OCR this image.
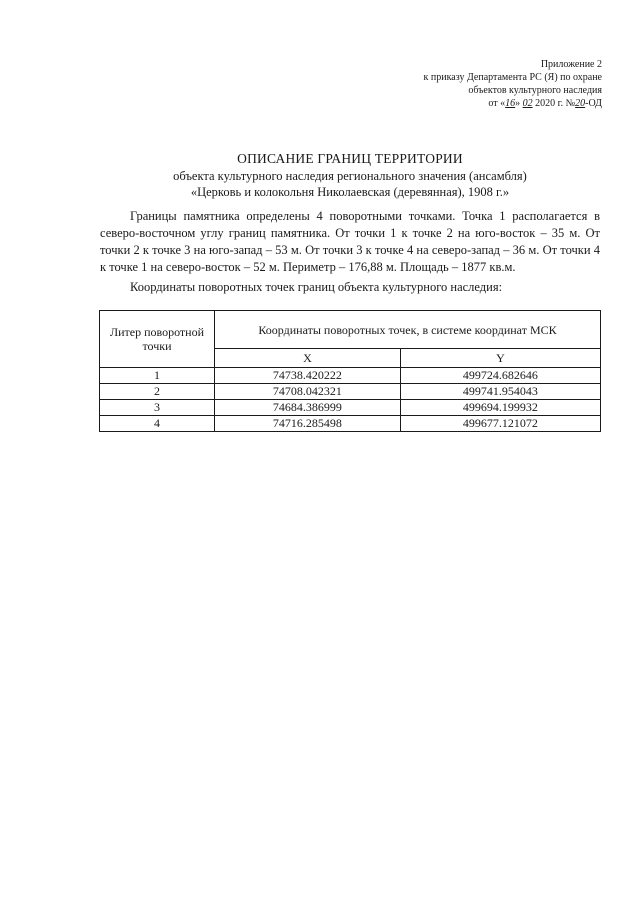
Приложение 2
к приказу Департамента РС (Я) по охране
объектов культурного наследия
от «16» 02 2020 г. №20-ОД
ОПИСАНИЕ ГРАНИЦ ТЕРРИТОРИИ
объекта культурного наследия регионального значения (ансамбля)
«Церковь и колокольня Николаевская (деревянная), 1908 г.»

Границы памятника определены 4 поворотными точками. Точка 1 располагается в северо-восточном углу границ памятника. От точки 1 к точке 2 на юго-восток – 35 м. От точки 2 к точке 3 на юго-запад – 53 м. От точки 3 к точке 4 на северо-запад – 36 м. От точки 4 к точке 1 на северо-восток – 52 м. Периметр – 176,88 м. Площадь – 1877 кв.м.

Координаты поворотных точек границ объекта культурного наследия:

Литер поворотной точки	Координаты поворотных точек, в системе координат МСК	
	X	Y
1	74738.420222	499724.682646
2	74708.042321	499741.954043
3	74684.386999	499694.199932
4	74716.285498	499677.121072
